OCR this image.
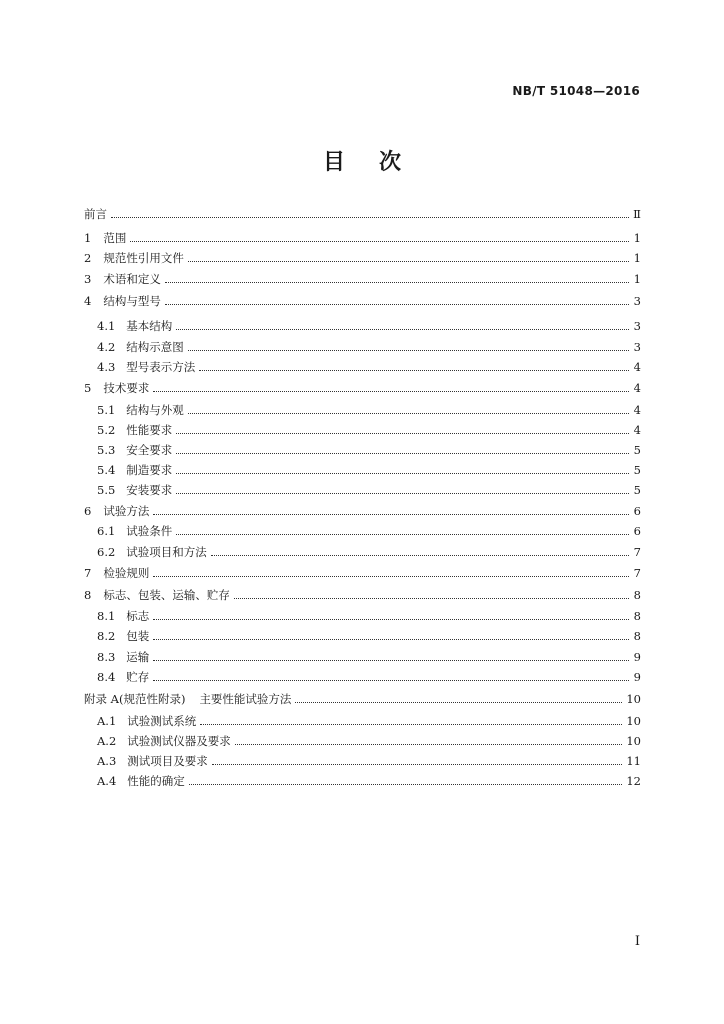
NB/T 51048—2016
目次
前言	Ⅱ
1 范围	1
2 规范性引用文件	1
3 术语和定义	1
4 结构与型号	3
4.1 基本结构	3
4.2 结构示意图	3
4.3 型号表示方法	4
5 技术要求	4
5.1 结构与外观	4
5.2 性能要求	4
5.3 安全要求	5
5.4 制造要求	5
5.5 安装要求	5
6 试验方法	6
6.1 试验条件	6
6.2 试验项目和方法	7
7 检验规则	7
8 标志、包装、运输、贮存	8
8.1 标志	8
8.2 包装	8
8.3 运输	9
8.4 贮存	9
附录 A(规范性附录) 主要性能试验方法	10
A.1 试验测试系统	10
A.2 试验测试仪器及要求	10
A.3 测试项目及要求	11
A.4 性能的确定	12
I
